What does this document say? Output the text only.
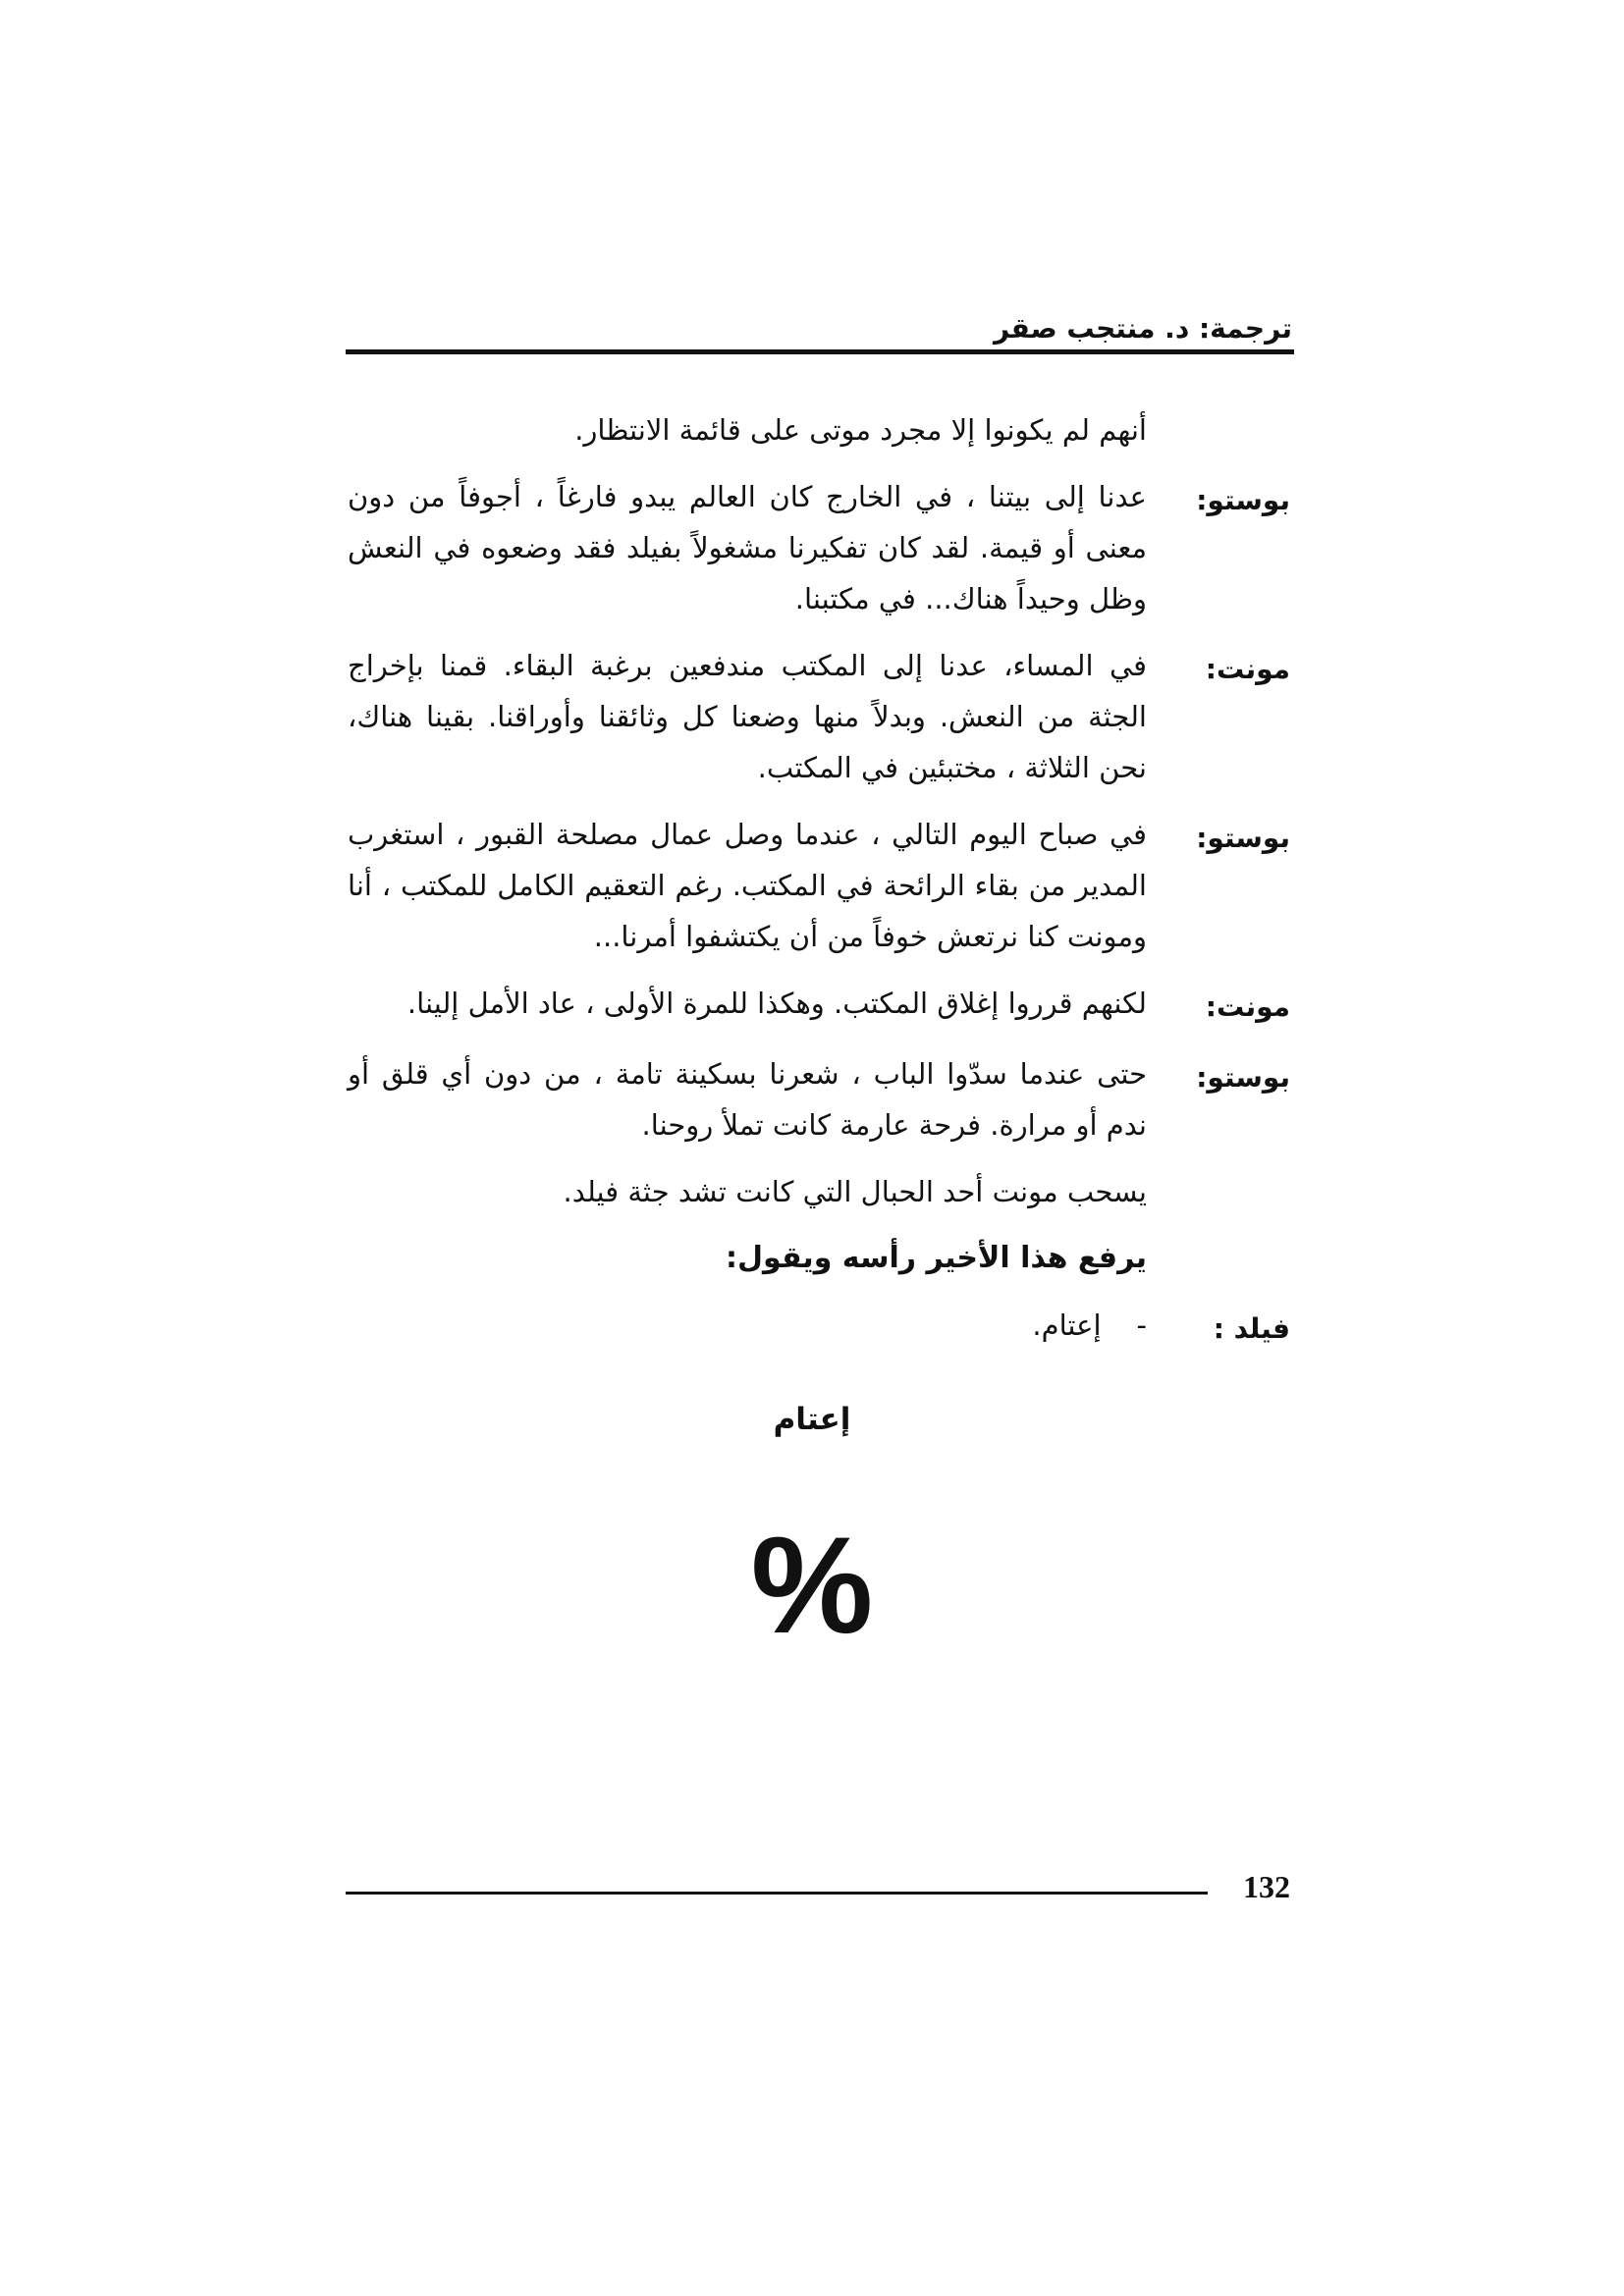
ترجمة: د. منتجب صقر
أنهم لم يكونوا إلا مجرد موتى على قائمة الانتظار.
بوستو:
عدنا إلى بيتنا ، في الخارج كان العالم يبدو فارغاً ، أجوفاً من دون معنى أو قيمة. لقد كان تفكيرنا مشغولاً بفيلد فقد وضعوه في النعش وظل وحيداً هناك... في مكتبنا.
مونت:
في المساء، عدنا إلى المكتب مندفعين برغبة البقاء. قمنا بإخراج الجثة من النعش. وبدلاً منها وضعنا كل وثائقنا وأوراقنا. بقينا هناك، نحن الثلاثة ، مختبئين في المكتب.
بوستو:
في صباح اليوم التالي ، عندما وصل عمال مصلحة القبور ، استغرب المدير من بقاء الرائحة في المكتب. رغم التعقيم الكامل للمكتب ، أنا ومونت كنا نرتعش خوفاً من أن يكتشفوا أمرنا...
مونت:
لكنهم قرروا إغلاق المكتب. وهكذا للمرة الأولى ، عاد الأمل إلينا.
بوستو:
حتى عندما سدّوا الباب ، شعرنا بسكينة تامة ، من دون أي قلق أو ندم أو مرارة. فرحة عارمة كانت تملأ روحنا.
يسحب مونت أحد الحبال التي كانت تشد جثة فيلد.
يرفع هذا الأخير رأسه ويقول:
فيلد :
-إعتام.
إعتام
%
132
